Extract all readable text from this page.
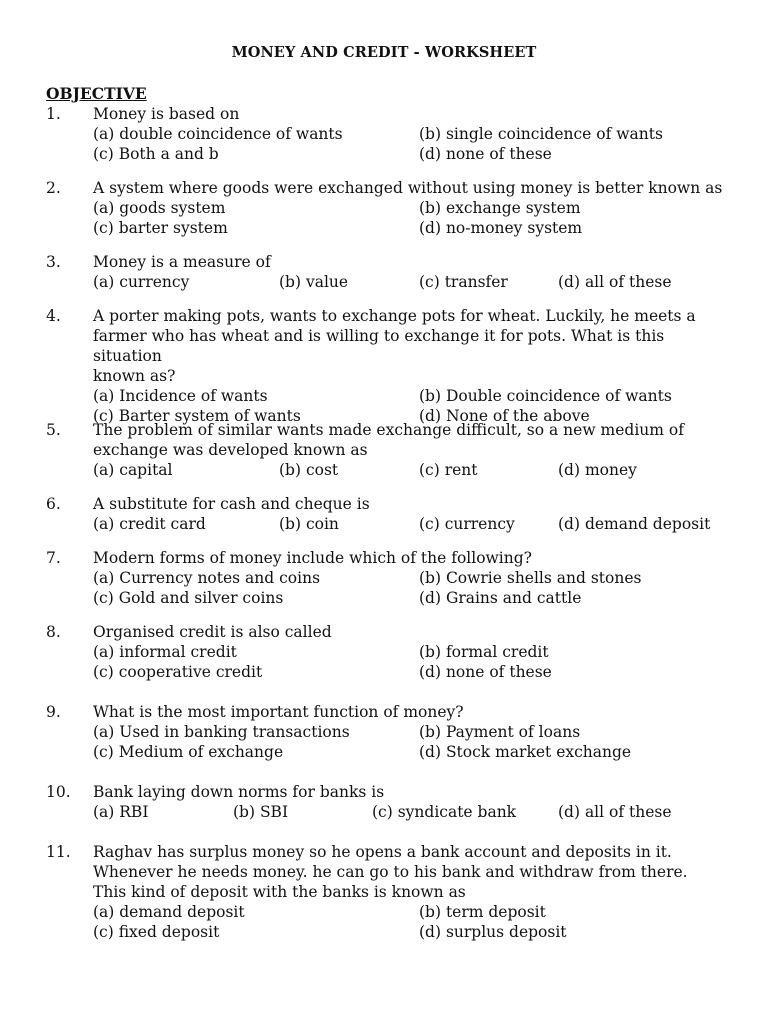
MONEY AND CREDIT - WORKSHEET
OBJECTIVE
1. Money is based on
(a) double coincidence of wants	(b) single coincidence of wants
(c) Both a and b	(d) none of these
2. A system where goods were exchanged without using money is better known as
(a) goods system	(b) exchange system
(c) barter system	(d) no-money system
3. Money is a measure of
(a) currency	(b) value	(c) transfer	(d) all of these
4. A porter making pots, wants to exchange pots for wheat. Luckily, he meets a
farmer who has wheat and is willing to exchange it for pots. What is this situation
known as?
(a) Incidence of wants	(b) Double coincidence of wants
(c) Barter system of wants	(d) None of the above
5. The problem of similar wants made exchange difficult, so a new medium of
exchange was developed known as
(a) capital	(b) cost	(c) rent	(d) money
6. A substitute for cash and cheque is
(a) credit card	(b) coin	(c) currency	(d) demand deposit
7. Modern forms of money include which of the following?
(a) Currency notes and coins	(b) Cowrie shells and stones
(c) Gold and silver coins	(d) Grains and cattle
8. Organised credit is also called
(a) informal credit	(b) formal credit
(c) cooperative credit	(d) none of these
9. What is the most important function of money?
(a) Used in banking transactions	(b) Payment of loans
(c) Medium of exchange	(d) Stock market exchange
10. Bank laying down norms for banks is
(a) RBI	(b) SBI	(c) syndicate bank	(d) all of these
11. Raghav has surplus money so he opens a bank account and deposits in it.
Whenever he needs money. he can go to his bank and withdraw from there.
This kind of deposit with the banks is known as
(a) demand deposit	(b) term deposit
(c) fixed deposit	(d) surplus deposit
